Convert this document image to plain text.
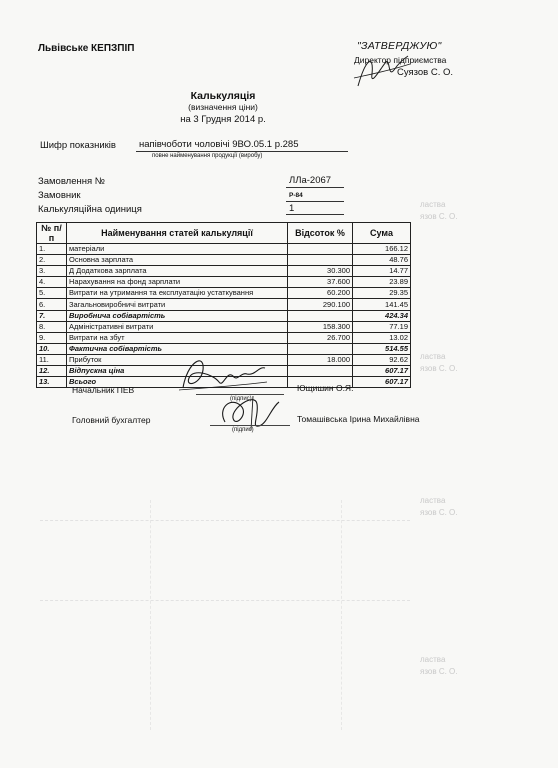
ластва
язов С. О.
ластва
язов С. О.
ластва
язов С. О.
ластва
язов С. О.
Львівське КЕПЗПІП	"ЗАТВЕРДЖУЮ"
Директор підприємства
Суязов С. О.
Калькуляція
(визначення ціни)
на 3 Грудня 2014 р.
Шифр показників напівчоботи чоловічі 9ВО.05.1 р.285
повне найменування продукції (виробу)
Замовлення №	ЛЛа-2067
Замовник	Р-84
Калькуляційна одиниця	1
№ п/п	Найменування статей калькуляції	Відсоток %	Сума
1.	матеріали		166.12
2.	Основна зарплата		48.76
3.	Д Додаткова зарплата	30.300	14.77
4.	Нарахування на фонд зарплати	37.600	23.89
5.	Витрати на утримання та експлуатацію устаткування	60.200	29.35
6.	Загальновиробничі витрати	290.100	141.45
7.	Виробнича собівартість		424.34
8.	Адміністративні витрати	158.300	77.19
9.	Витрати на збут	26.700	13.02
10.	Фактична собівартість		514.55
11.	Прибуток	18.000	92.62
12.	Відпускна ціна		607.17
13.	Всього		607.17
Начальник ПЕВ
(підпис)
Ющишин О.Я.
Головний бухгалтер
(підпис)
Томашівська Ірина Михайлівна
